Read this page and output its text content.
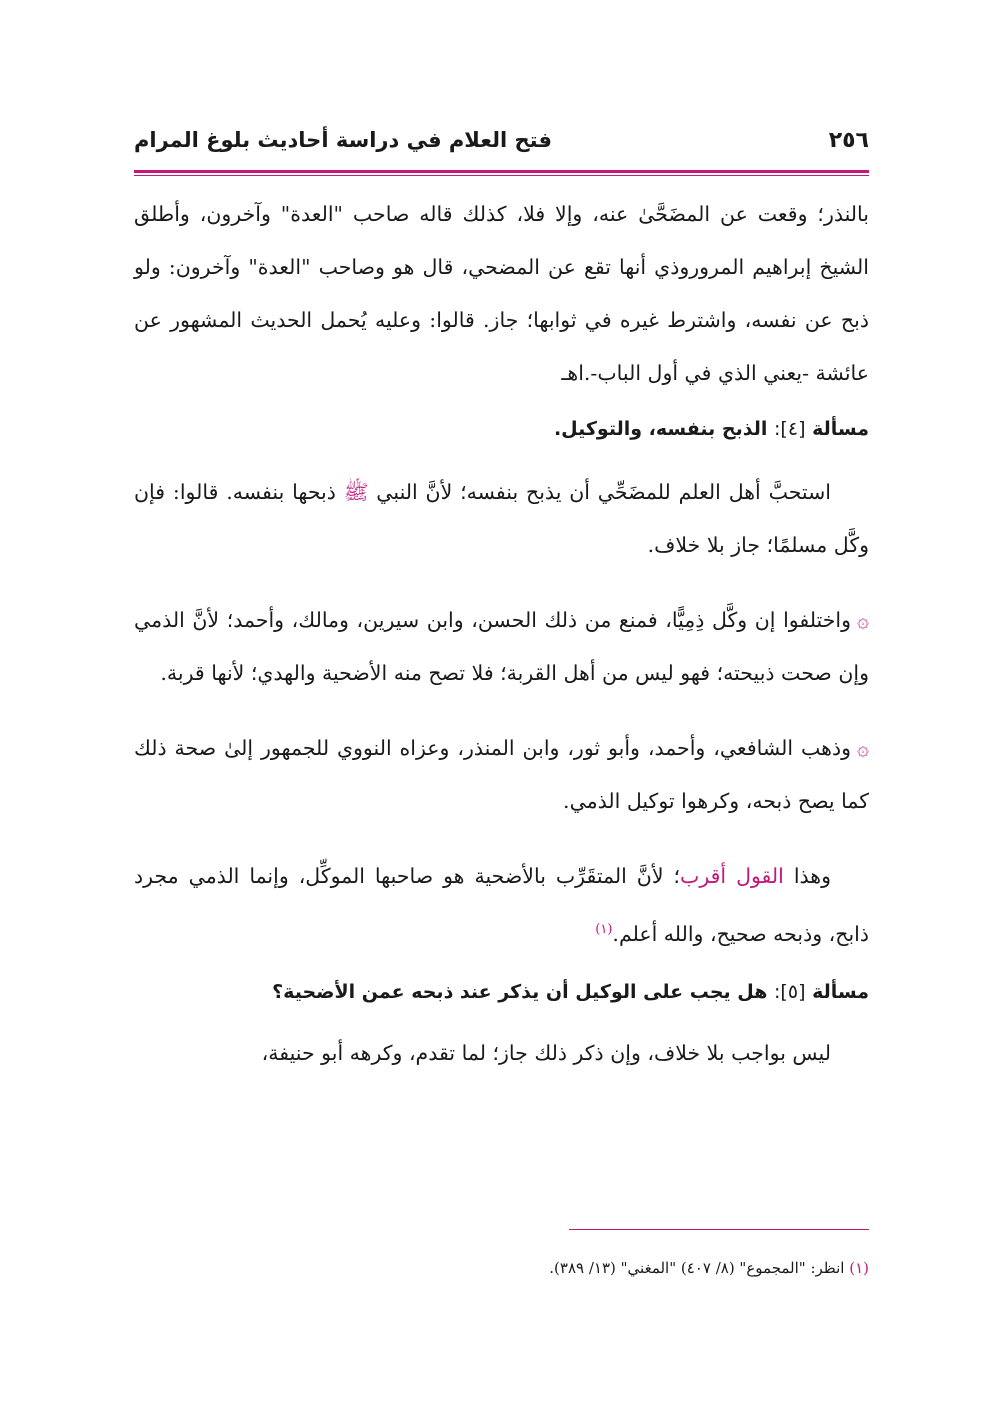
٢٥٦
فتح العلام في دراسة أحاديث بلوغ المرام

بالنذر؛ وقعت عن المضَحَّىٰ عنه، وإلا فلا، كذلك قاله صاحب "العدة" وآخرون، وأطلق الشيخ إبراهيم المروروذي أنها تقع عن المضحي، قال هو وصاحب "العدة" وآخرون: ولو ذبح عن نفسه، واشترط غيره في ثوابها؛ جاز. قالوا: وعليه يُحمل الحديث المشهور عن عائشة -يعني الذي في أول الباب-.اهـ

مسألة [٤]: الذبح بنفسه، والتوكيل.

استحبَّ أهل العلم للمضَحِّي أن يذبح بنفسه؛ لأنَّ النبي ﷺ ذبحها بنفسه. قالوا: فإن وكَّل مسلمًا؛ جاز بلا خلاف.

۞واختلفوا إن وكَّل ذِمِيًّا، فمنع من ذلك الحسن، وابن سيرين، ومالك، وأحمد؛ لأنَّ الذمي وإن صحت ذبيحته؛ فهو ليس من أهل القربة؛ فلا تصح منه الأضحية والهدي؛ لأنها قربة.

۞وذهب الشافعي، وأحمد، وأبو ثور، وابن المنذر، وعزاه النووي للجمهور إلىٰ صحة ذلك كما يصح ذبحه، وكرهوا توكيل الذمي.

وهذا القول أقرب؛ لأنَّ المتقَرِّب بالأضحية هو صاحبها الموكِّل، وإنما الذمي مجرد ذابح، وذبحه صحيح، والله أعلم.$^{(١)}$

مسألة [٥]: هل يجب على الوكيل أن يذكر عند ذبحه عمن الأضحية؟

ليس بواجب بلا خلاف، وإن ذكر ذلك جاز؛ لما تقدم، وكرهه أبو حنيفة،

(١) انظر: "المجموع" (٨/ ٤٠٧) "المغني" (١٣/ ٣٨٩).
